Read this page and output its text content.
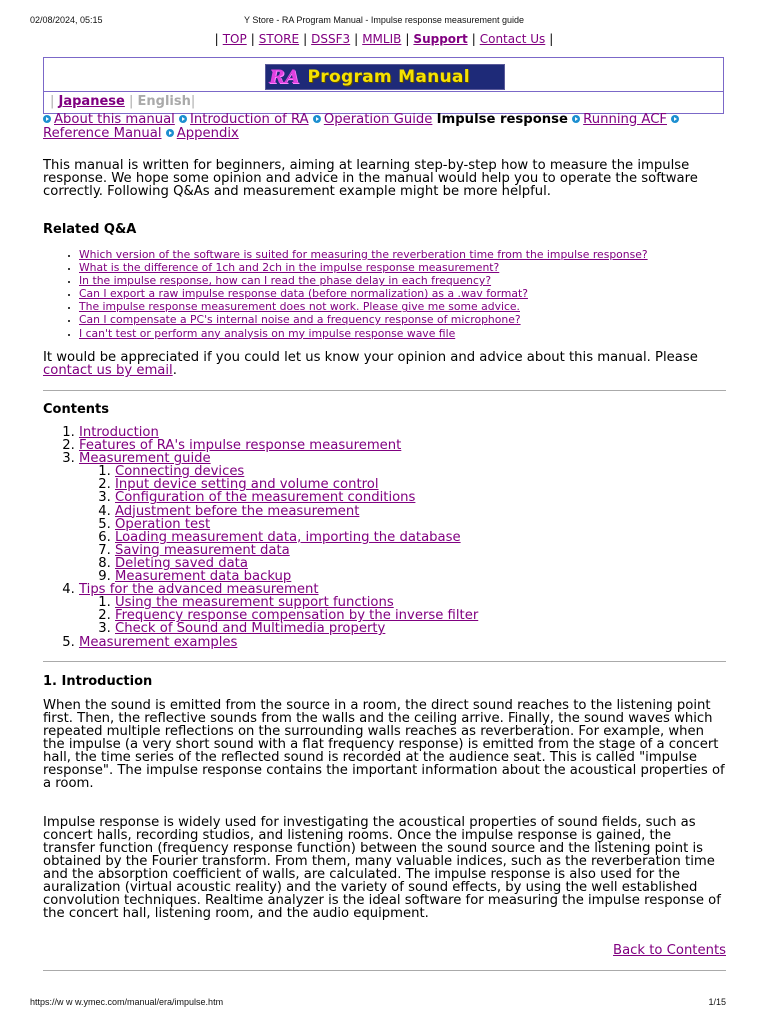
02/08/2024, 05:15	Y Store - RA Program Manual - Impulse response measurement guide
| TOP | STORE | DSSF3 | MMLIB | Support | Contact Us |
RA Program Manual
| Japanese | English|
About this manual Introduction of RA Operation Guide Impulse response Running ACF Reference Manual Appendix

This manual is written for beginners, aiming at learning step-by-step how to measure the impulse response. We hope some opinion and advice in the manual would help you to operate the software correctly. Following Q&As and measurement example might be more helpful.

Related Q&A
• Which version of the software is suited for measuring the reverberation time from the impulse response?
• What is the difference of 1ch and 2ch in the impulse response measurement?
• In the impulse response, how can I read the phase delay in each frequency?
• Can I export a raw impulse response data (before normalization) as a .wav format?
• The impulse response measurement does not work. Please give me some advice.
• Can I compensate a PC's internal noise and a frequency response of microphone?
• I can't test or perform any analysis on my impulse response wave file

It would be appreciated if you could let us know your opinion and advice about this manual. Please contact us by email.

Contents
1. Introduction
2. Features of RA's impulse response measurement
3. Measurement guide
1. Connecting devices
2. Input device setting and volume control
3. Configuration of the measurement conditions
4. Adjustment before the measurement
5. Operation test
6. Loading measurement data, importing the database
7. Saving measurement data
8. Deleting saved data
9. Measurement data backup
4. Tips for the advanced measurement
1. Using the measurement support functions
2. Frequency response compensation by the inverse filter
3. Check of Sound and Multimedia property
5. Measurement examples
1. Introduction

When the sound is emitted from the source in a room, the direct sound reaches to the listening point first. Then, the reflective sounds from the walls and the ceiling arrive. Finally, the sound waves which repeated multiple reflections on the surrounding walls reaches as reverberation. For example, when the impulse (a very short sound with a flat frequency response) is emitted from the stage of a concert hall, the time series of the reflected sound is recorded at the audience seat. This is called "impulse response". The impulse response contains the important information about the acoustical properties of a room.

Impulse response is widely used for investigating the acoustical properties of sound fields, such as concert halls, recording studios, and listening rooms. Once the impulse response is gained, the transfer function (frequency response function) between the sound source and the listening point is obtained by the Fourier transform. From them, many valuable indices, such as the reverberation time and the absorption coefficient of walls, are calculated. The impulse response is also used for the auralization (virtual acoustic reality) and the variety of sound effects, by using the well established convolution techniques. Realtime analyzer is the ideal software for measuring the impulse response of the concert hall, listening room, and the audio equipment.

Back to Contents
https://w w w.ymec.com/manual/era/impulse.htm	1/15
